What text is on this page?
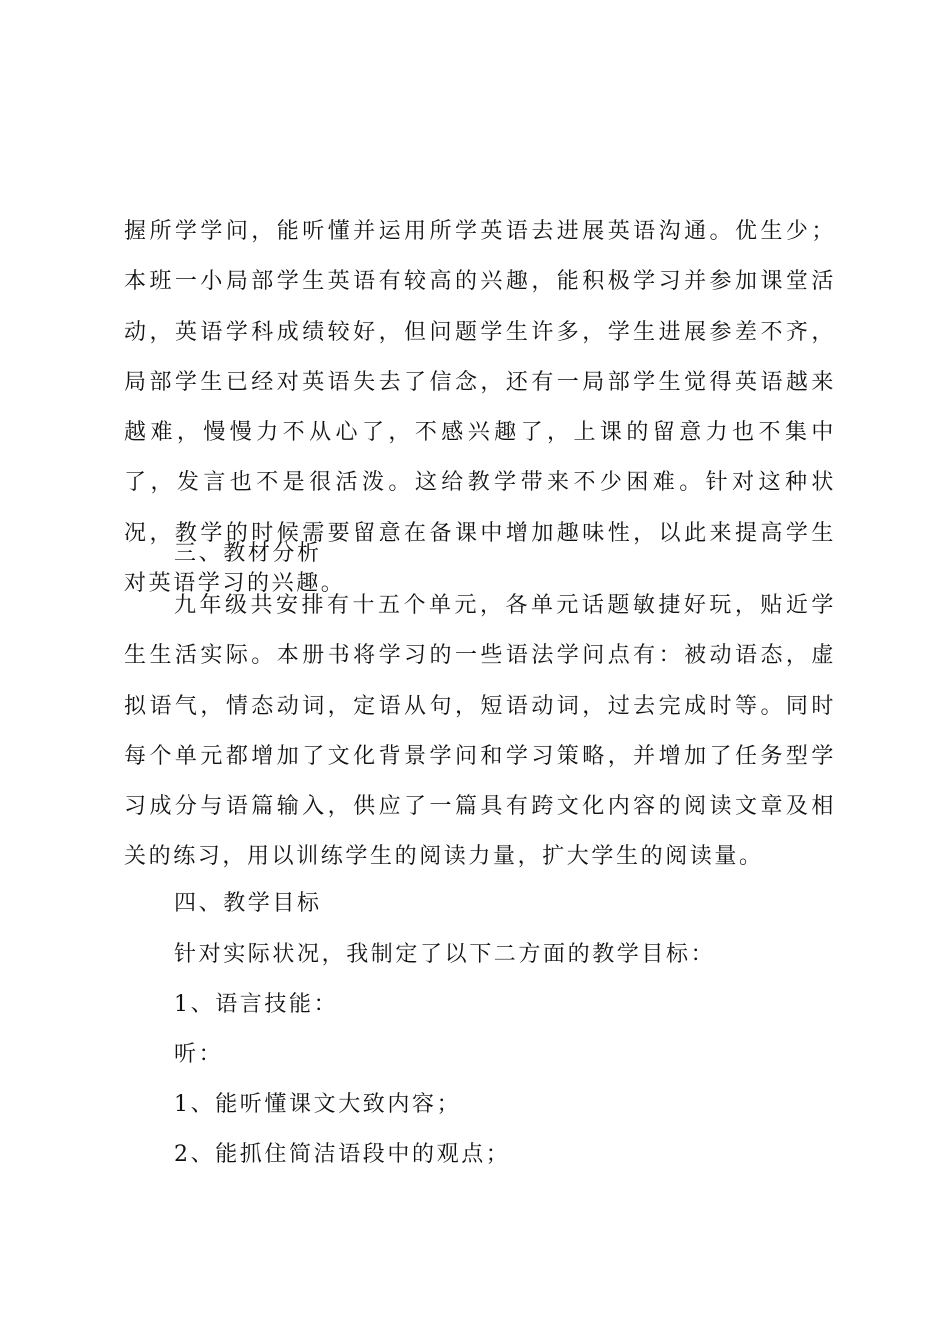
握所学学问，能听懂并运用所学英语去进展英语沟通。优生少；本班一小局部学生英语有较高的兴趣，能积极学习并参加课堂活动，英语学科成绩较好，但问题学生许多，学生进展参差不齐，局部学生已经对英语失去了信念，还有一局部学生觉得英语越来越难，慢慢力不从心了，不感兴趣了，上课的留意力也不集中了，发言也不是很活泼。这给教学带来不少困难。针对这种状况，教学的时候需要留意在备课中增加趣味性，以此来提高学生对英语学习的兴趣。

三、教材分析

九年级共安排有十五个单元，各单元话题敏捷好玩，贴近学生生活实际。本册书将学习的一些语法学问点有：被动语态，虚拟语气，情态动词，定语从句，短语动词，过去完成时等。同时每个单元都增加了文化背景学问和学习策略，并增加了任务型学习成分与语篇输入，供应了一篇具有跨文化内容的阅读文章及相关的练习，用以训练学生的阅读力量，扩大学生的阅读量。

四、教学目标

针对实际状况，我制定了以下二方面的教学目标：

1、语言技能：

听：

1、能听懂课文大致内容；

2、能抓住简洁语段中的观点；
